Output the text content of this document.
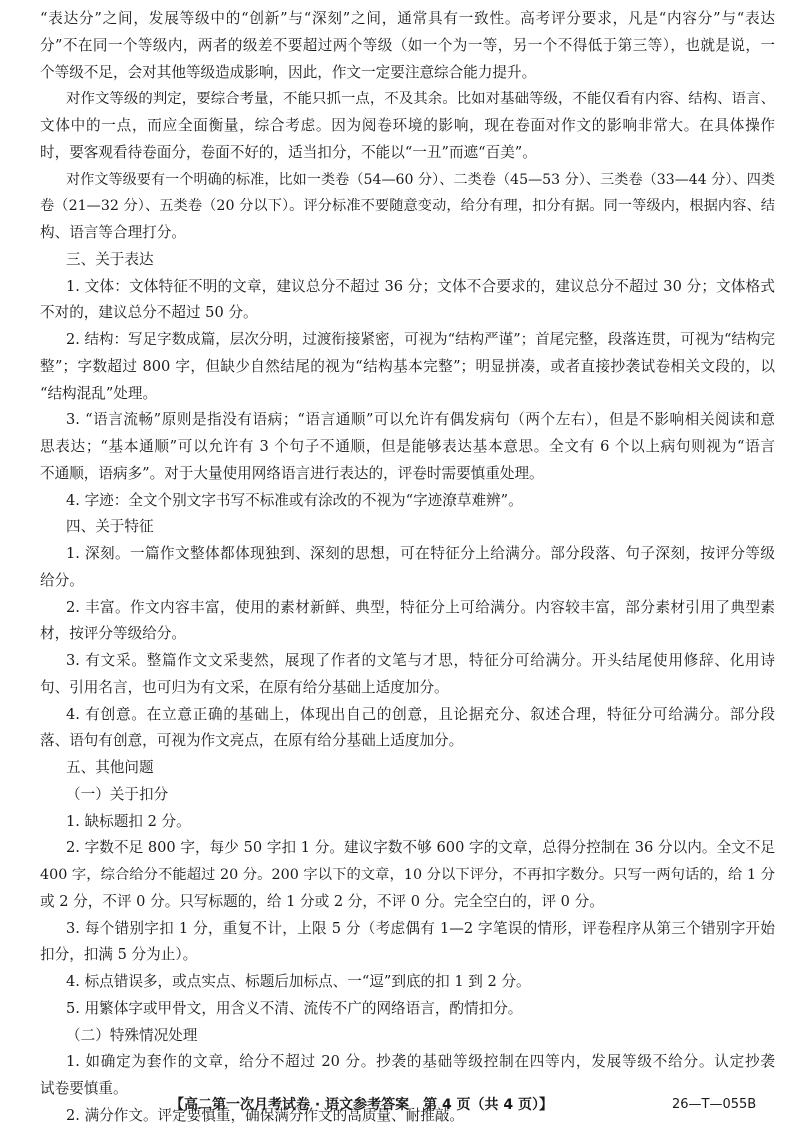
“表达分”之间，发展等级中的“创新”与“深刻”之间，通常具有一致性。高考评分要求，凡是“内容分”与“表达
分”不在同一个等级内，两者的级差不要超过两个等级（如一个为一等，另一个不得低于第三等），也就是说，一
个等级不足，会对其他等级造成影响，因此，作文一定要注意综合能力提升。
对作文等级的判定，要综合考量，不能只抓一点，不及其余。比如对基础等级，不能仅看有内容、结构、语言、
文体中的一点，而应全面衡量，综合考虑。因为阅卷环境的影响，现在卷面对作文的影响非常大。在具体操作
时，要客观看待卷面分，卷面不好的，适当扣分，不能以“一丑”而遮“百美”。
对作文等级要有一个明确的标准，比如一类卷（54—60 分）、二类卷（45—53 分）、三类卷（33—44 分）、四类
卷（21—32 分）、五类卷（20 分以下）。评分标准不要随意变动，给分有理，扣分有据。同一等级内，根据内容、结
构、语言等合理打分。
三、关于表达
1. 文体：文体特征不明的文章，建议总分不超过 36 分；文体不合要求的，建议总分不超过 30 分；文体格式
不对的，建议总分不超过 50 分。
2. 结构：写足字数成篇，层次分明，过渡衔接紧密，可视为“结构严谨”；首尾完整，段落连贯，可视为“结构完
整”；字数超过 800 字，但缺少自然结尾的视为“结构基本完整”；明显拼凑，或者直接抄袭试卷相关文段的，以
“结构混乱”处理。
3. “语言流畅”原则是指没有语病；“语言通顺”可以允许有偶发病句（两个左右），但是不影响相关阅读和意
思表达；“基本通顺”可以允许有 3 个句子不通顺，但是能够表达基本意思。全文有 6 个以上病句则视为“语言
不通顺，语病多”。对于大量使用网络语言进行表达的，评卷时需要慎重处理。
4. 字迹：全文个别文字书写不标准或有涂改的不视为“字迹潦草难辨”。
四、关于特征
1. 深刻。一篇作文整体都体现独到、深刻的思想，可在特征分上给满分。部分段落、句子深刻，按评分等级
给分。
2. 丰富。作文内容丰富，使用的素材新鲜、典型，特征分上可给满分。内容较丰富，部分素材引用了典型素
材，按评分等级给分。
3. 有文采。整篇作文文采斐然，展现了作者的文笔与才思，特征分可给满分。开头结尾使用修辞、化用诗
句、引用名言，也可归为有文采，在原有给分基础上适度加分。
4. 有创意。在立意正确的基础上，体现出自己的创意，且论据充分、叙述合理，特征分可给满分。部分段
落、语句有创意，可视为作文亮点，在原有给分基础上适度加分。
五、其他问题
（一）关于扣分
1. 缺标题扣 2 分。
2. 字数不足 800 字，每少 50 字扣 1 分。建议字数不够 600 字的文章，总得分控制在 36 分以内。全文不足
400 字，综合给分不能超过 20 分。200 字以下的文章，10 分以下评分，不再扣字数分。只写一两句话的，给 1 分
或 2 分，不评 0 分。只写标题的，给 1 分或 2 分，不评 0 分。完全空白的，评 0 分。
3. 每个错别字扣 1 分，重复不计，上限 5 分（考虑偶有 1—2 字笔误的情形，评卷程序从第三个错别字开始
扣分，扣满 5 分为止）。
4. 标点错误多，或点实点、标题后加标点、一“逗”到底的扣 1 到 2 分。
5. 用繁体字或甲骨文，用含义不清、流传不广的网络语言，酌情扣分。
（二）特殊情况处理
1. 如确定为套作的文章，给分不超过 20 分。抄袭的基础等级控制在四等内，发展等级不给分。认定抄袭
试卷要慎重。
2. 满分作文。评定要慎重，确保满分作文的高质量、耐推敲。
【高二第一次月考试卷 · 语文参考答案　第 4 页（共 4 页）】	26—T—055B
